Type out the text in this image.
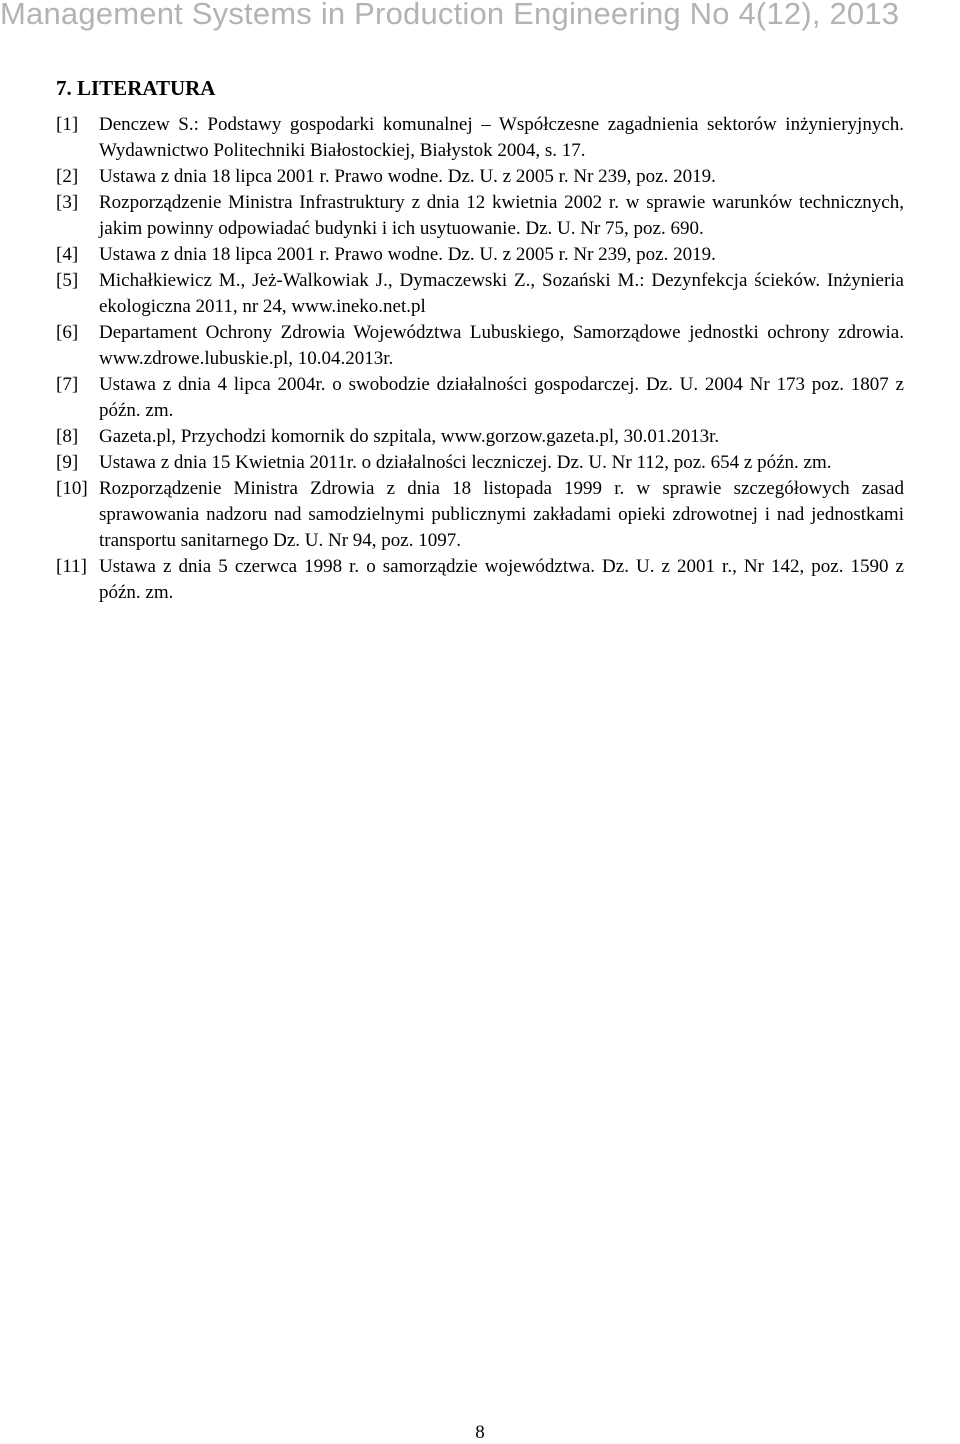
Management Systems in Production Engineering No 4(12), 2013
7. LITERATURA
[1]	Denczew S.: Podstawy gospodarki komunalnej – Współczesne zagadnienia sektorów inżynieryjnych. Wydawnictwo Politechniki Białostockiej, Białystok 2004, s. 17.
[2]	Ustawa z dnia 18 lipca 2001 r. Prawo wodne. Dz. U. z 2005 r. Nr 239, poz. 2019.
[3]	Rozporządzenie Ministra Infrastruktury z dnia 12 kwietnia 2002 r. w sprawie warunków technicznych, jakim powinny odpowiadać budynki i ich usytuowanie. Dz. U. Nr 75, poz. 690.
[4]	Ustawa z dnia 18 lipca 2001 r. Prawo wodne. Dz. U. z 2005 r. Nr 239, poz. 2019.
[5]	Michałkiewicz M., Jeż-Walkowiak J., Dymaczewski Z., Sozański M.: Dezynfekcja ścieków. Inżynieria ekologiczna 2011, nr 24, www.ineko.net.pl
[6]	Departament Ochrony Zdrowia Województwa Lubuskiego, Samorządowe jednostki ochrony zdrowia. www.zdrowe.lubuskie.pl, 10.04.2013r.
[7]	Ustawa z dnia 4 lipca 2004r. o swobodzie działalności gospodarczej. Dz. U. 2004 Nr 173 poz. 1807 z późn. zm.
[8]	Gazeta.pl, Przychodzi komornik do szpitala, www.gorzow.gazeta.pl, 30.01.2013r.
[9]	Ustawa z dnia 15 Kwietnia 2011r. o działalności leczniczej. Dz. U. Nr 112, poz. 654 z późn. zm.
[10] Rozporządzenie Ministra Zdrowia z dnia 18 listopada 1999 r. w sprawie szczegółowych zasad sprawowania nadzoru nad samodzielnymi publicznymi zakładami opieki zdrowotnej i nad jednostkami transportu sanitarnego Dz. U. Nr 94, poz. 1097.
[11] Ustawa z dnia 5 czerwca 1998 r. o samorządzie województwa. Dz. U. z 2001 r., Nr 142, poz. 1590 z późn. zm.
8
